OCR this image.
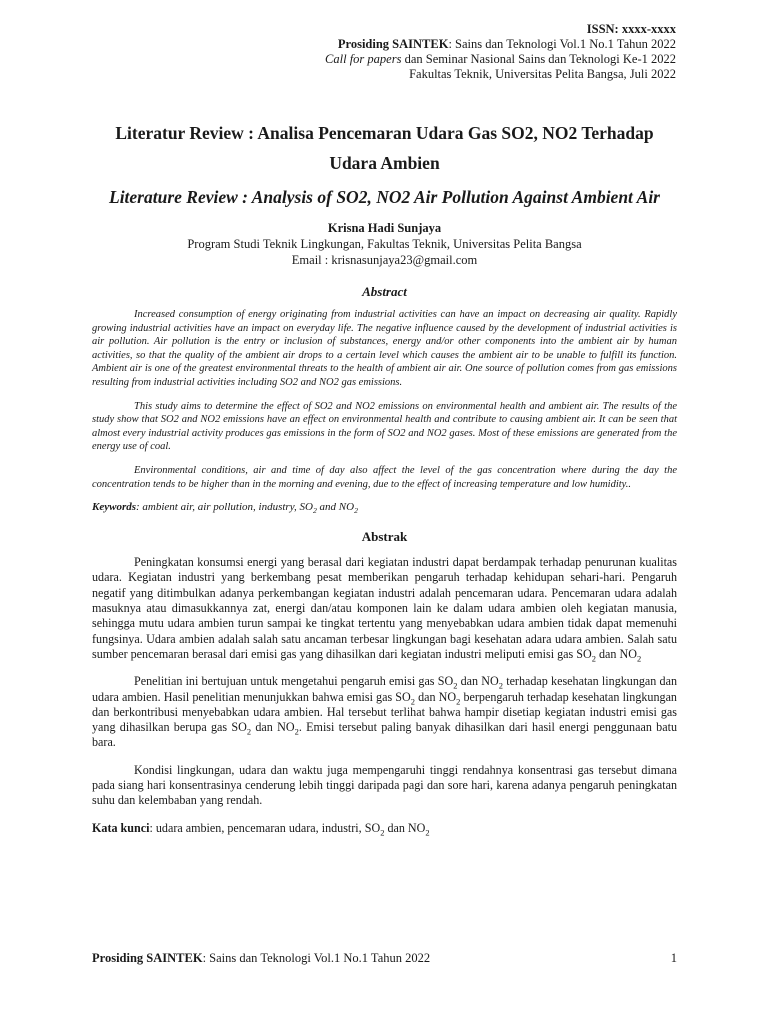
ISSN: xxxx-xxxx
Prosiding SAINTEK: Sains dan Teknologi Vol.1 No.1 Tahun 2022
Call for papers dan Seminar Nasional Sains dan Teknologi Ke-1 2022
Fakultas Teknik, Universitas Pelita Bangsa, Juli 2022
Literatur Review : Analisa Pencemaran Udara Gas SO2, NO2 Terhadap Udara Ambien
Literature Review : Analysis of SO2, NO2 Air Pollution Against Ambient Air
Krisna Hadi Sunjaya
Program Studi Teknik Lingkungan, Fakultas Teknik, Universitas Pelita Bangsa
Email : krisnasunjaya23@gmail.com
Abstract

Increased consumption of energy originating from industrial activities can have an impact on decreasing air quality. Rapidly growing industrial activities have an impact on everyday life. The negative influence caused by the development of industrial activities is air pollution. Air pollution is the entry or inclusion of substances, energy and/or other components into the ambient air by human activities, so that the quality of the ambient air drops to a certain level which causes the ambient air to be unable to fulfill its function. Ambient air is one of the greatest environmental threats to the health of ambient air air. One source of pollution comes from gas emissions resulting from industrial activities including SO2 and NO2 gas emissions.

This study aims to determine the effect of SO2 and NO2 emissions on environmental health and ambient air. The results of the study show that SO2 and NO2 emissions have an effect on environmental health and contribute to causing ambient air. It can be seen that almost every industrial activity produces gas emissions in the form of SO2 and NO2 gases. Most of these emissions are generated from the energy use of coal.

Environmental conditions, air and time of day also affect the level of the gas concentration where during the day the concentration tends to be higher than in the morning and evening, due to the effect of increasing temperature and low humidity..

Keywords: ambient air, air pollution, industry, $SO_2$ and $NO_2$
Abstrak

Peningkatan konsumsi energi yang berasal dari kegiatan industri dapat berdampak terhadap penurunan kualitas udara. Kegiatan industri yang berkembang pesat memberikan pengaruh terhadap kehidupan sehari-hari. Pengaruh negatif yang ditimbulkan adanya perkembangan kegiatan industri adalah pencemaran udara. Pencemaran udara adalah masuknya atau dimasukkannya zat, energi dan/atau komponen lain ke dalam udara ambien oleh kegiatan manusia, sehingga mutu udara ambien turun sampai ke tingkat tertentu yang menyebabkan udara ambien tidak dapat memenuhi fungsinya. Udara ambien adalah salah satu ancaman terbesar lingkungan bagi kesehatan adara udara ambien. Salah satu sumber pencemaran berasal dari emisi gas yang dihasilkan dari kegiatan industri meliputi emisi gas $SO_2$ dan $NO_2$

Penelitian ini bertujuan untuk mengetahui pengaruh emisi gas $SO_2$ dan $NO_2$ terhadap kesehatan lingkungan dan udara ambien. Hasil penelitian menunjukkan bahwa emisi gas $SO_2$ dan $NO_2$ berpengaruh terhadap kesehatan lingkungan dan berkontribusi menyebabkan udara ambien. Hal tersebut terlihat bahwa hampir disetiap kegiatan industri emisi gas yang dihasilkan berupa gas $SO_2$ dan $NO_2$. Emisi tersebut paling banyak dihasilkan dari hasil energi penggunaan batu bara.

Kondisi lingkungan, udara dan waktu juga mempengaruhi tinggi rendahnya konsentrasi gas tersebut dimana pada siang hari konsentrasinya cenderung lebih tinggi daripada pagi dan sore hari, karena adanya pengaruh peningkatan suhu dan kelembaban yang rendah.

Kata kunci: udara ambien, pencemaran udara, industri, $SO_2$ dan $NO_2$
Prosiding SAINTEK: Sains dan Teknologi Vol.1 No.1 Tahun 2022	1
